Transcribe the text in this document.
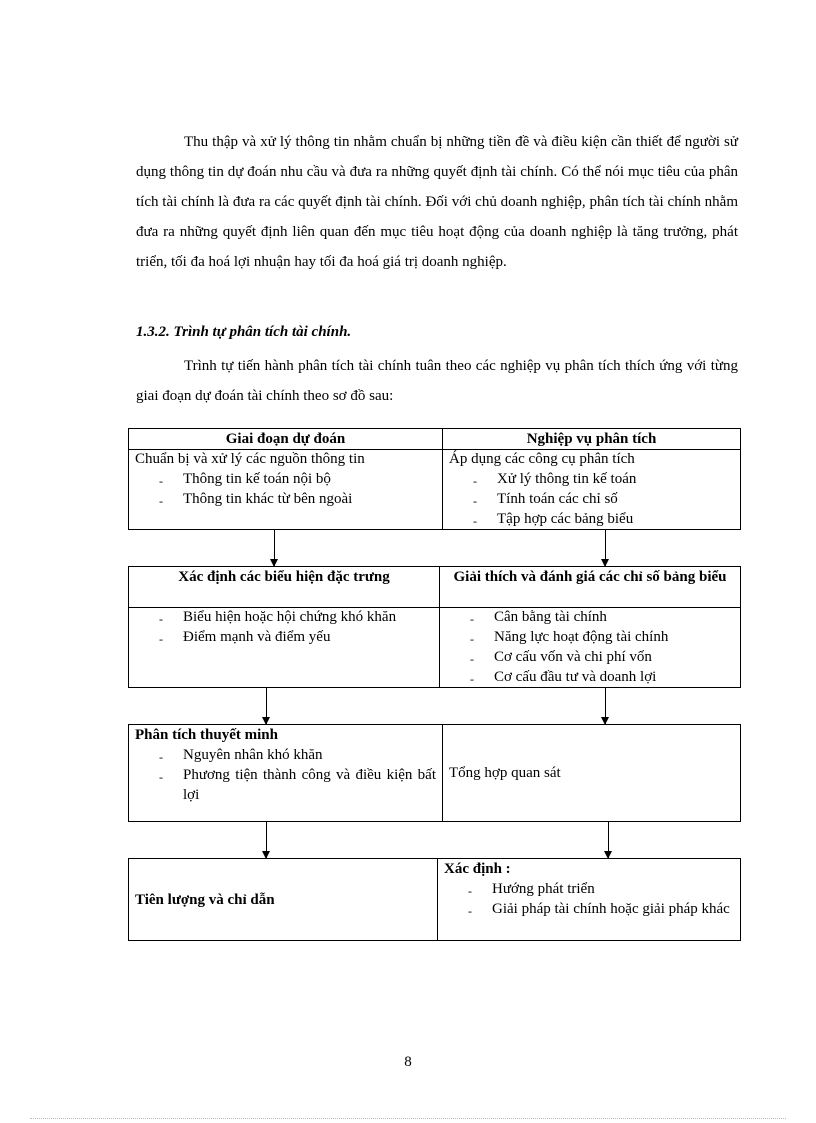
Thu thập và xử lý thông tin nhằm chuẩn bị những tiền đề và điều kiện cần thiết để người sử dụng thông tin dự đoán nhu cầu và đưa ra những quyết định tài chính. Có thể nói mục tiêu của phân tích tài chính là đưa ra các quyết định tài chính. Đối với chủ doanh nghiệp, phân tích tài chính nhằm đưa ra những quyết định liên quan đến mục tiêu hoạt động của doanh nghiệp là tăng trưởng, phát triển, tối đa hoá lợi nhuận hay tối đa hoá giá trị doanh nghiệp.

1.3.2. Trình tự phân tích tài chính.

Trình tự tiến hành phân tích tài chính tuân theo các nghiệp vụ phân tích thích ứng với từng giai đoạn dự đoán tài chính theo sơ đồ sau:

Giai đoạn dự đoán
Chuẩn bị và xử lý các nguồn thông tin
- Thông tin kế toán nội bộ
- Thông tin khác từ bên ngoài
Nghiệp vụ phân tích
Áp dụng các công cụ phân tích
- Xử lý thông tin kế toán
- Tính toán các chỉ số
- Tập hợp các bảng biểu
Xác định các biểu hiện đặc trưng
- Biểu hiện hoặc hội chứng khó khăn
- Điểm mạnh và điểm yếu
Giải thích và đánh giá các chỉ số bảng biểu
- Cân bằng tài chính
- Năng lực hoạt động tài chính
- Cơ cấu vốn và chi phí vốn
- Cơ cấu đầu tư và doanh lợi
Phân tích thuyết minh
- Nguyên nhân khó khăn
- Phương tiện thành công và điều kiện bất lợi
Tổng hợp quan sát
Tiên lượng và chỉ dẫn
Xác định :
- Hướng phát triển
- Giải pháp tài chính hoặc giải pháp khác
8
